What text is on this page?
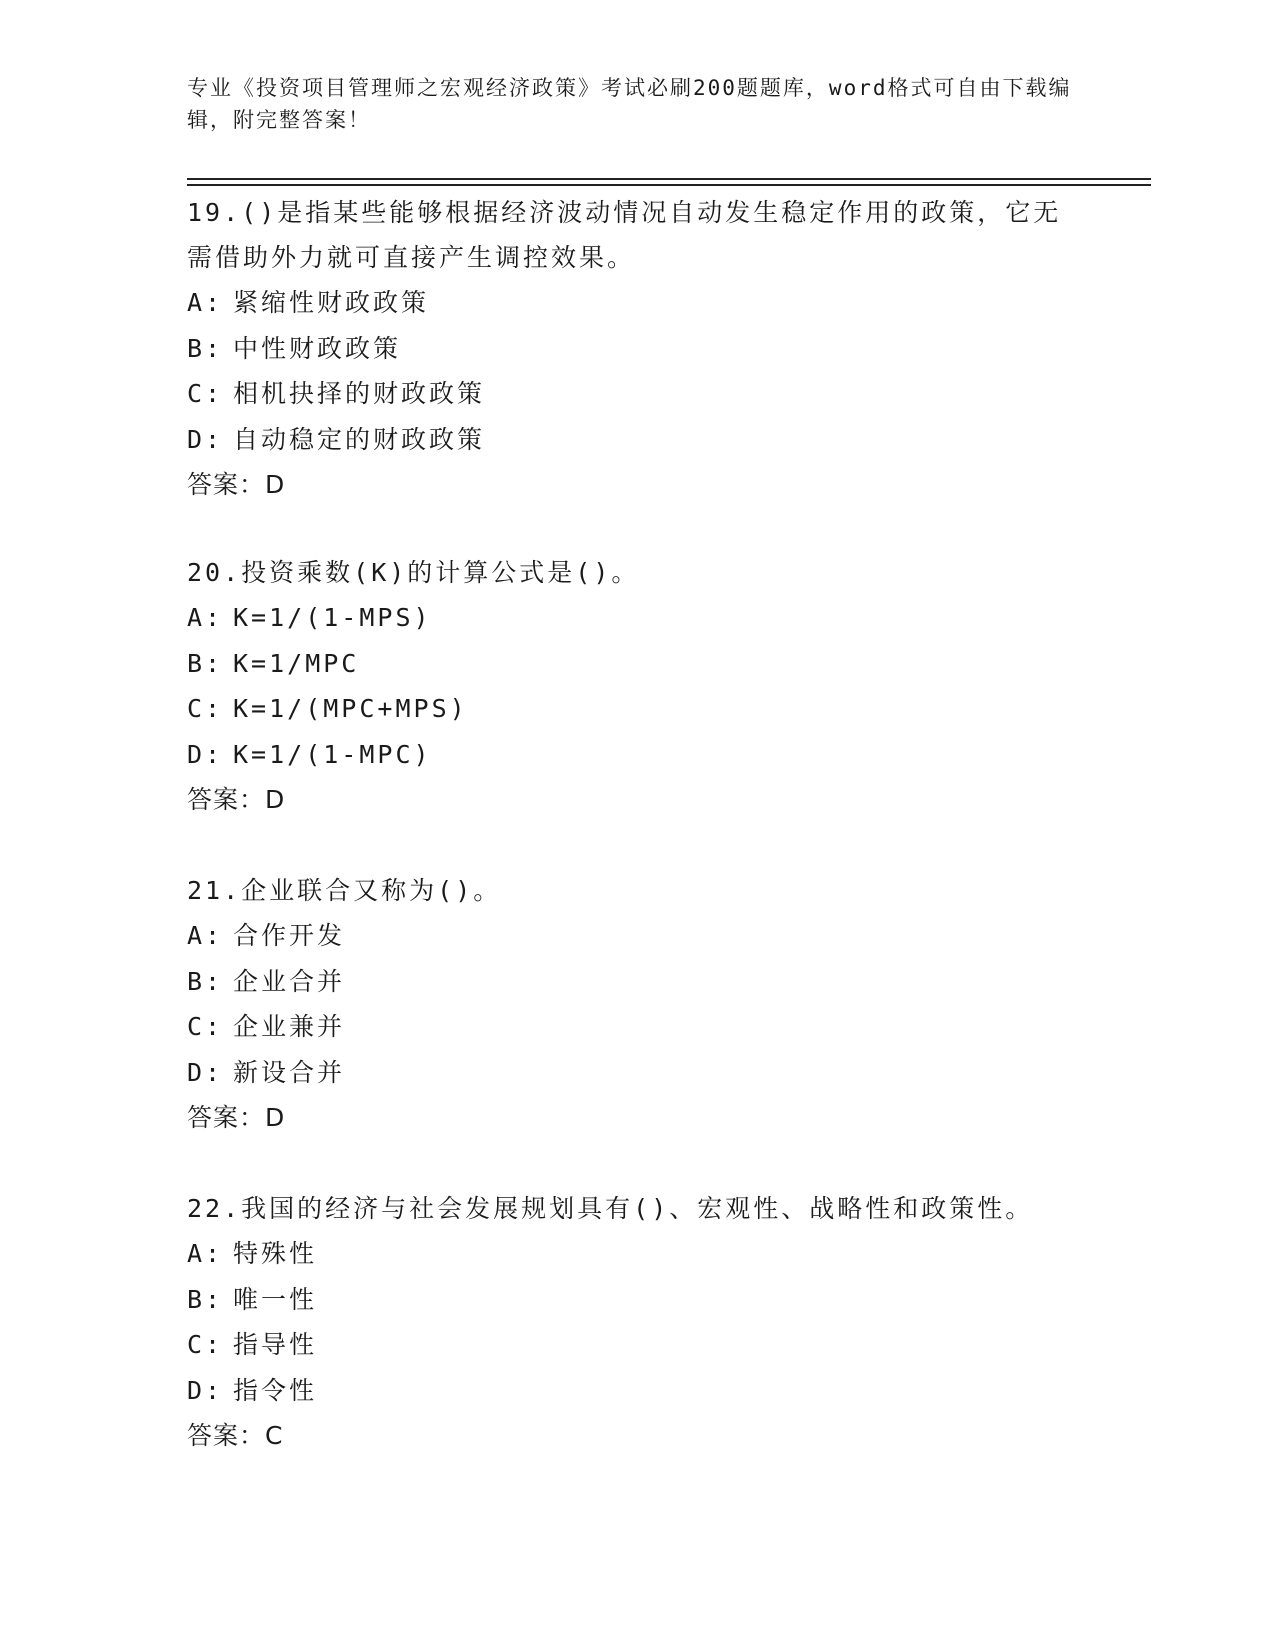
专业《投资项目管理师之宏观经济政策》考试必刷200题题库，word格式可自由下载编辑，附完整答案！

19.()是指某些能够根据经济波动情况自动发生稳定作用的政策，它无需借助外力就可直接产生调控效果。

A: 紧缩性财政政策

B: 中性财政政策

C: 相机抉择的财政政策

D: 自动稳定的财政政策

答案：D

20.投资乘数(K)的计算公式是()。

A: K=1/(1-MPS)

B: K=1/MPC

C: K=1/(MPC+MPS)

D: K=1/(1-MPC)

答案：D

21.企业联合又称为()。

A: 合作开发

B: 企业合并

C: 企业兼并

D: 新设合并

答案：D

22.我国的经济与社会发展规划具有()、宏观性、战略性和政策性。

A: 特殊性

B: 唯一性

C: 指导性

D: 指令性

答案：C
